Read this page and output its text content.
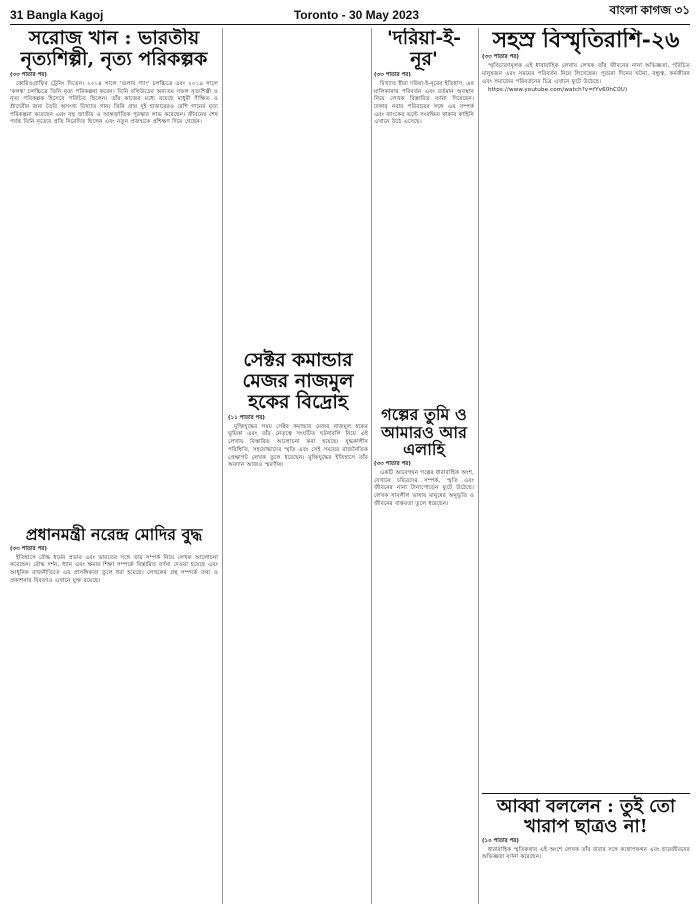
31 Bangla Kagoj	Toronto - 30 May 2023	বাংলা কাগজ ৩১
সরোজ খান : ভারতীয় নৃত্যশিল্পী, নৃত্য পরিকল্পক
(৩৩ পাতার পর)

কোরিওগ্রাফির ট্রেনিং দিতেন। ২০১৪ সালে 'গুলাব গ্যাং' চলচ্চিত্রে এবং ২০১৯ সালে 'কলঙ্ক' চলচ্চিত্রে তিনি নৃত্য পরিকল্পনা করেন। তিনি বলিউডের অন্যতম সফল নৃত্যশিল্পী ও নৃত্য পরিকল্পক হিসেবে পরিচিত ছিলেন। তাঁর কাজের মধ্যে রয়েছে মাধুরী দীক্ষিত ও শ্রীদেবীর জন্য তৈরি অসংখ্য বিখ্যাত গান। তিনি প্রায় দুই হাজারেরও বেশি গানের নৃত্য পরিকল্পনা করেছেন এবং বহু জাতীয় ও আন্তর্জাতিক পুরস্কার লাভ করেছেন। জীবনের শেষ পর্যন্ত তিনি নৃত্যের প্রতি নিবেদিত ছিলেন এবং নতুন প্রজন্মকে প্রশিক্ষণ দিয়ে গেছেন।

প্রধানমন্ত্রী নরেন্দ্র মোদির বুদ্ধ
(৩৩ পাতার পর)

ইতিহাসে বৌদ্ধ ধর্মের প্রভাব এবং ভারতের সঙ্গে তার সম্পর্ক নিয়ে লেখক আলোচনা করেছেন। বৌদ্ধ দর্শন, ধ্যান এবং ক্ষমার শিক্ষা সম্পর্কে বিস্তারিত বর্ণনা দেওয়া হয়েছে এবং আধুনিক রাজনীতিতে এর প্রাসঙ্গিকতা তুলে ধরা হয়েছে। লেখকের গ্রন্থ সম্পর্কে তথ্য ও প্রকাশনার বিবরণও এখানে যুক্ত রয়েছে।

সেক্টর কমান্ডার মেজর নাজমুল হকের বিদ্রোহ
(১১ পাতার পর)

মুক্তিযুদ্ধের সময় সেক্টর কমান্ডার মেজর নাজমুল হকের ভূমিকা এবং তাঁর নেতৃত্বে সংঘটিত ঘটনাবলি নিয়ে এই লেখায় বিস্তারিত আলোচনা করা হয়েছে। যুদ্ধকালীন পরিস্থিতি, সহযোদ্ধাদের স্মৃতি এবং সেই সময়ের রাজনৈতিক প্রেক্ষাপট লেখক তুলে ধরেছেন। মুক্তিযুদ্ধের ইতিহাসে তাঁর অবদান আজও স্মরণীয়।

'দরিয়া-ই-নূর'
(৩৩ পাতার পর)

বিখ্যাত হীরা দরিয়া-ই-নূরের ইতিহাস, এর মালিকানার পরিবর্তন এবং বর্তমান অবস্থান নিয়ে লেখক বিস্তারিত বর্ণনা দিয়েছেন। ঢাকার নবাব পরিবারের সঙ্গে এর সম্পর্ক এবং ব্যাংকের ভল্টে সংরক্ষিত থাকার কাহিনি এখানে উঠে এসেছে।

গল্পের তুমি ও আমারও আর এলাহি
(৩৩ পাতার পর)

একটি আবেগঘন গল্পের ধারাবাহিক অংশ, যেখানে চরিত্রদের সম্পর্ক, স্মৃতি এবং জীবনের নানা টানাপোড়েন ফুটে উঠেছে। লেখক সাবলীল ভাষায় মানুষের অনুভূতি ও জীবনের বাস্তবতা তুলে ধরেছেন।

সহস্র বিস্মৃতিরাশি-২৬
(৩৩ পাতার পর)

স্মৃতিচারণমূলক এই ধারাবাহিক লেখায় লেখক তাঁর জীবনের নানা অভিজ্ঞতা, পরিচিত মানুষজন এবং সময়ের পরিবর্তন নিয়ে লিখেছেন। পুরনো দিনের ঘটনা, বন্ধুত্ব, কর্মজীবন এবং সমাজের পরিবর্তনের চিত্র এখানে ফুটে উঠেছে।

https://www.youtube.com/watch?v=fYv60hC0U)

আব্বা বললেন : তুই তো খারাপ ছাত্রও না!
(১০ পাতার পর)

ধারাবাহিক স্মৃতিকথার এই অংশে লেখক তাঁর বাবার সঙ্গে কথোপকথন এবং ছাত্রজীবনের অভিজ্ঞতা বর্ণনা করেছেন।
